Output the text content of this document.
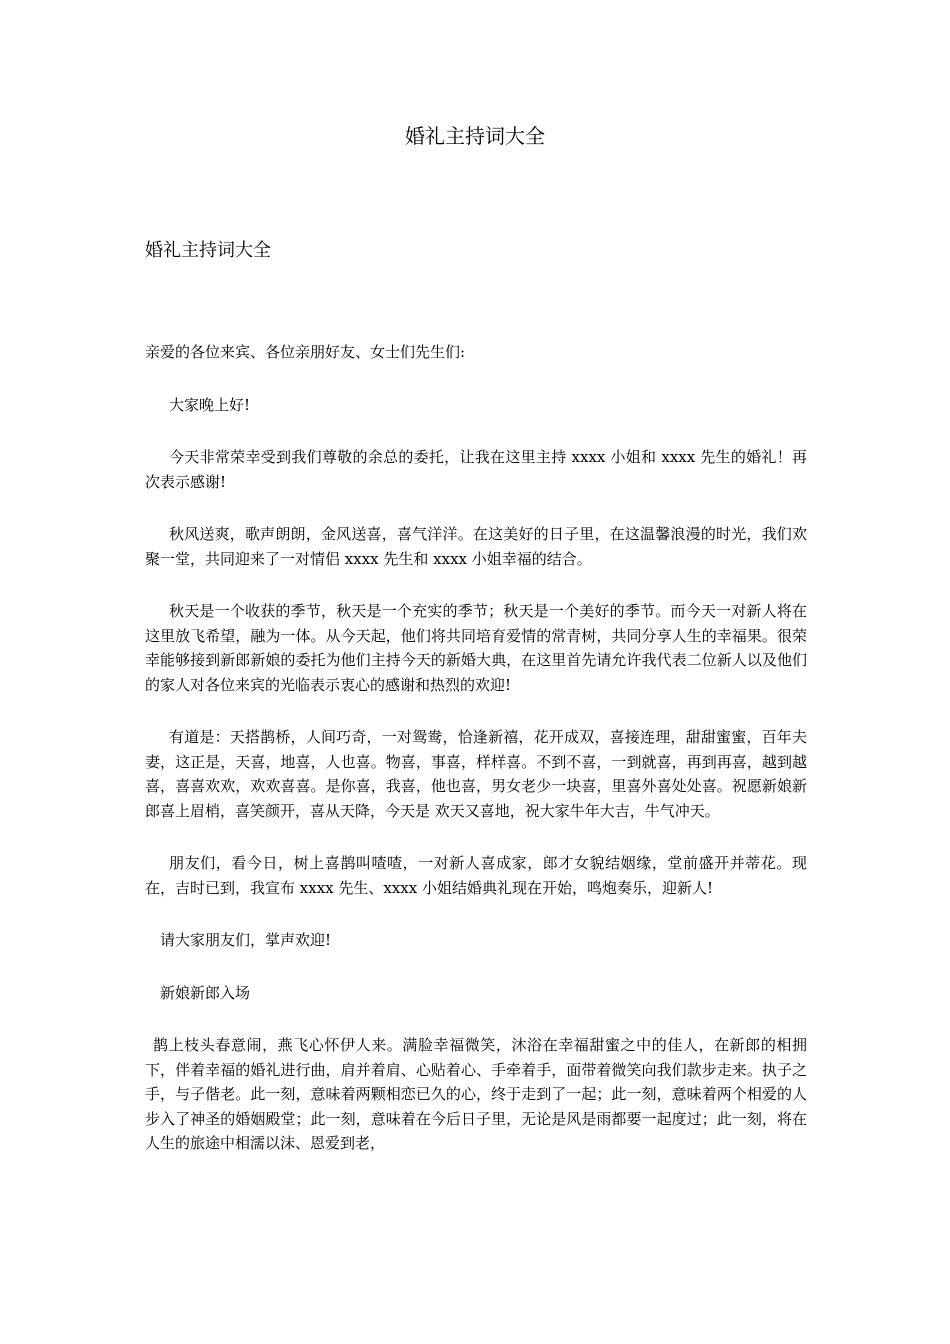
婚礼主持词大全
婚礼主持词大全

亲爱的各位来宾、各位亲朋好友、女士们先生们:

大家晚上好!

今天非常荣幸受到我们尊敬的余总的委托，让我在这里主持 xxxx 小姐和 xxxx 先生的婚礼！再次表示感谢!

秋风送爽，歌声朗朗，金风送喜，喜气洋洋。在这美好的日子里，在这温馨浪漫的时光，我们欢聚一堂，共同迎来了一对情侣 xxxx 先生和 xxxx 小姐幸福的结合。

秋天是一个收获的季节，秋天是一个充实的季节；秋天是一个美好的季节。而今天一对新人将在这里放飞希望，融为一体。从今天起，他们将共同培育爱情的常青树，共同分享人生的幸福果。很荣幸能够接到新郎新娘的委托为他们主持今天的新婚大典，在这里首先请允许我代表二位新人以及他们的家人对各位来宾的光临表示衷心的感谢和热烈的欢迎!

有道是：天搭鹊桥，人间巧奇，一对鸳鸯，恰逢新禧，花开成双，喜接连理，甜甜蜜蜜，百年夫妻，这正是，天喜，地喜，人也喜。物喜，事喜，样样喜。不到不喜，一到就喜，再到再喜，越到越喜，喜喜欢欢，欢欢喜喜。是你喜，我喜，他也喜，男女老少一块喜，里喜外喜处处喜。祝愿新娘新郎喜上眉梢，喜笑颜开，喜从天降，今天是 欢天又喜地，祝大家牛年大吉，牛气冲天。

朋友们，看今日，树上喜鹊叫喳喳，一对新人喜成家，郎才女貌结姻缘，堂前盛开并蒂花。现在，吉时已到，我宣布 xxxx 先生、xxxx 小姐结婚典礼现在开始，鸣炮奏乐，迎新人!

请大家朋友们，掌声欢迎!

新娘新郎入场

鹊上枝头春意闹，燕飞心怀伊人来。满脸幸福微笑，沐浴在幸福甜蜜之中的佳人，在新郎的相拥下，伴着幸福的婚礼进行曲，肩并着肩、心贴着心、手牵着手，面带着微笑向我们款步走来。执子之手，与子偕老。此一刻，意味着两颗相恋已久的心，终于走到了一起；此一刻，意味着两个相爱的人步入了神圣的婚姻殿堂；此一刻，意味着在今后日子里，无论是风是雨都要一起度过；此一刻，将在人生的旅途中相濡以沫、恩爱到老，
